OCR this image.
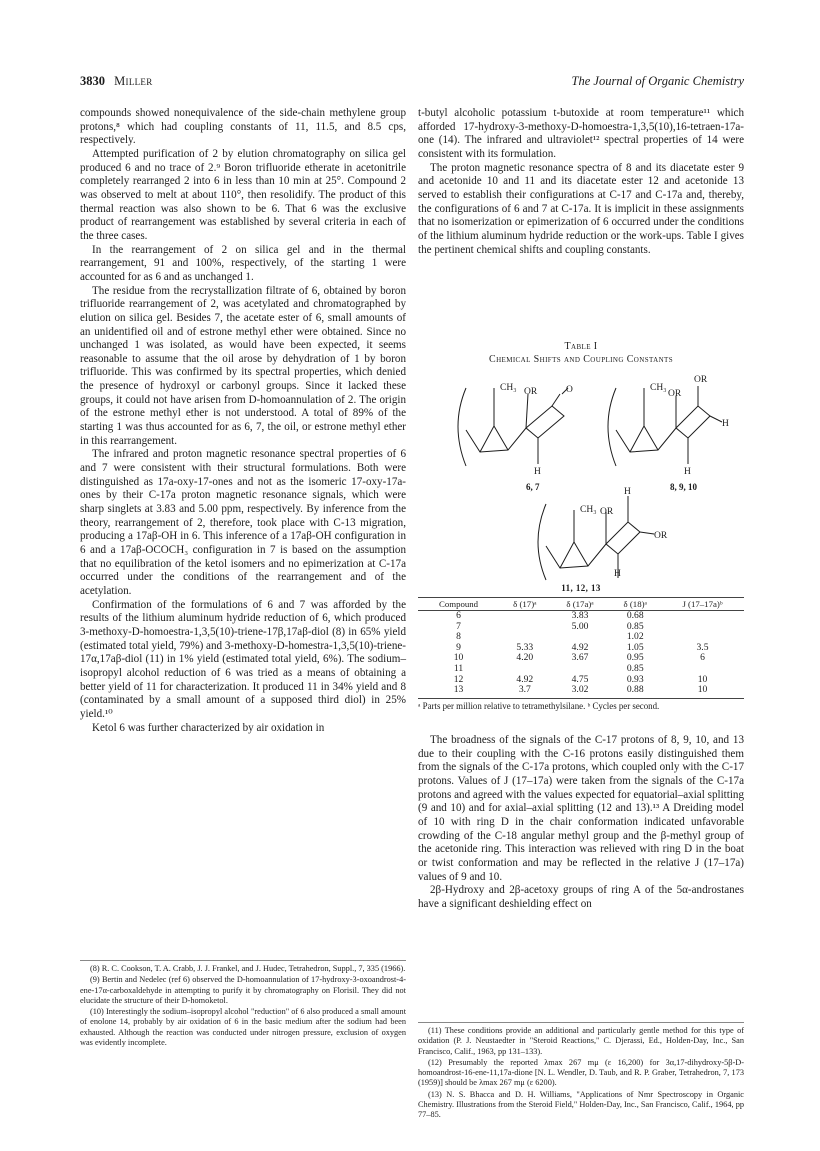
3830 Miller	The Journal of Organic Chemistry

compounds showed nonequivalence of the side-chain methylene group protons,⁸ which had coupling constants of 11, 11.5, and 8.5 cps, respectively.

Attempted purification of 2 by elution chromatography on silica gel produced 6 and no trace of 2.⁹ Boron trifluoride etherate in acetonitrile completely rearranged 2 into 6 in less than 10 min at 25°. Compound 2 was observed to melt at about 110°, then resolidify. The product of this thermal reaction was also shown to be 6. That 6 was the exclusive product of rearrangement was established by several criteria in each of the three cases.

In the rearrangement of 2 on silica gel and in the thermal rearrangement, 91 and 100%, respectively, of the starting 1 were accounted for as 6 and as unchanged 1.

The residue from the recrystallization filtrate of 6, obtained by boron trifluoride rearrangement of 2, was acetylated and chromatographed by elution on silica gel. Besides 7, the acetate ester of 6, small amounts of an unidentified oil and of estrone methyl ether were obtained. Since no unchanged 1 was isolated, as would have been expected, it seems reasonable to assume that the oil arose by dehydration of 1 by boron trifluoride. This was confirmed by its spectral properties, which denied the presence of hydroxyl or carbonyl groups. Since it lacked these groups, it could not have arisen from D-homoannulation of 2. The origin of the estrone methyl ether is not understood. A total of 89% of the starting 1 was thus accounted for as 6, 7, the oil, or estrone methyl ether in this rearrangement.

The infrared and proton magnetic resonance spectral properties of 6 and 7 were consistent with their structural formulations. Both were distinguished as 17a-oxy-17-ones and not as the isomeric 17-oxy-17a-ones by their C-17a proton magnetic resonance signals, which were sharp singlets at 3.83 and 5.00 ppm, respectively. By inference from the theory, rearrangement of 2, therefore, took place with C-13 migration, producing a 17aβ-OH in 6. This inference of a 17aβ-OH configuration in 6 and a 17aβ-OCOCH₃ configuration in 7 is based on the assumption that no equilibration of the ketol isomers and no epimerization at C-17a occurred under the conditions of the rearrangement and of the acetylation.

Confirmation of the formulations of 6 and 7 was afforded by the results of the lithium aluminum hydride reduction of 6, which produced 3-methoxy-D-homoestra-1,3,5(10)-triene-17β,17aβ-diol (8) in 65% yield (estimated total yield, 79%) and 3-methoxy-D-homestra-1,3,5(10)-triene-17α,17aβ-diol (11) in 1% yield (estimated total yield, 6%). The sodium–isopropyl alcohol reduction of 6 was tried as a means of obtaining a better yield of 11 for characterization. It produced 11 in 34% yield and 8 (contaminated by a small amount of a supposed third diol) in 25% yield.¹⁰

Ketol 6 was further characterized by air oxidation in

(8) R. C. Cookson, T. A. Crabb, J. J. Frankel, and J. Hudec, Tetrahedron, Suppl., 7, 335 (1966).

(9) Bertin and Nedelec (ref 6) observed the D-homoannulation of 17-hydroxy-3-oxoandrost-4-ene-17α-carboxaldehyde in attempting to purify it by chromatography on Florisil. They did not elucidate the structure of their D-homoketol.

(10) Interestingly the sodium–isopropyl alcohol "reduction" of 6 also produced a small amount of enolone 14, probably by air oxidation of 6 in the basic medium after the sodium had been exhausted. Although the reaction was conducted under nitrogen pressure, exclusion of oxygen was evidently incomplete.

t-butyl alcoholic potassium t-butoxide at room temperature¹¹ which afforded 17-hydroxy-3-methoxy-D-homoestra-1,3,5(10),16-tetraen-17a-one (14). The infrared and ultraviolet¹² spectral properties of 14 were consistent with its formulation.

The proton magnetic resonance spectra of 8 and its diacetate ester 9 and acetonide 10 and 11 and its diacetate ester 12 and acetonide 13 served to establish their configurations at C-17 and C-17a and, thereby, the configurations of 6 and 7 at C-17a. It is implicit in these assignments that no isomerization or epimerization of 6 occurred under the conditions of the lithium aluminum hydride reduction or the work-ups. Table I gives the pertinent chemical shifts and coupling constants.

Table I

Chemical Shifts and Coupling Constants

CH₃ OR	O
H
6, 7
CH₃
OR
OR
H
H
8, 9, 10
CH₃
H
OR
OR
H

11, 12, 13

Compound	δ (17)ᵃ	δ (17a)ᵃ	δ (18)ᵃ	J (17–17a)ᵇ
6		3.83	0.68	
7		5.00	0.85	
8			1.02	
9	5.33	4.92	1.05	3.5
10	4.20	3.67	0.95	6
11			0.85	
12	4.92	4.75	0.93	10
13	3.7	3.02	0.88	10
ᵃ Parts per million relative to tetramethylsilane. ᵇ Cycles per second.

The broadness of the signals of the C-17 protons of 8, 9, 10, and 13 due to their coupling with the C-16 protons easily distinguished them from the signals of the C-17a protons, which coupled only with the C-17 protons. Values of J (17–17a) were taken from the signals of the C-17a protons and agreed with the values expected for equatorial–axial splitting (9 and 10) and for axial–axial splitting (12 and 13).¹³ A Dreiding model of 10 with ring D in the chair conformation indicated unfavorable crowding of the C-18 angular methyl group and the β-methyl group of the acetonide ring. This interaction was relieved with ring D in the boat or twist conformation and may be reflected in the relative J (17–17a) values of 9 and 10.

2β-Hydroxy and 2β-acetoxy groups of ring A of the 5α-androstanes have a significant deshielding effect on

(11) These conditions provide an additional and particularly gentle method for this type of oxidation (P. J. Neustaedter in "Steroid Reactions," C. Djerassi, Ed., Holden-Day, Inc., San Francisco, Calif., 1963, pp 131–133).

(12) Presumably the reported λmax 267 mμ (ε 16,200) for 3α,17-dihydroxy-5β-D-homoandrost-16-ene-11,17a-dione [N. L. Wendler, D. Taub, and R. P. Graber, Tetrahedron, 7, 173 (1959)] should be λmax 267 mμ (ε 6200).

(13) N. S. Bhacca and D. H. Williams, "Applications of Nmr Spectroscopy in Organic Chemistry. Illustrations from the Steroid Field," Holden-Day, Inc., San Francisco, Calif., 1964, pp 77–85.
